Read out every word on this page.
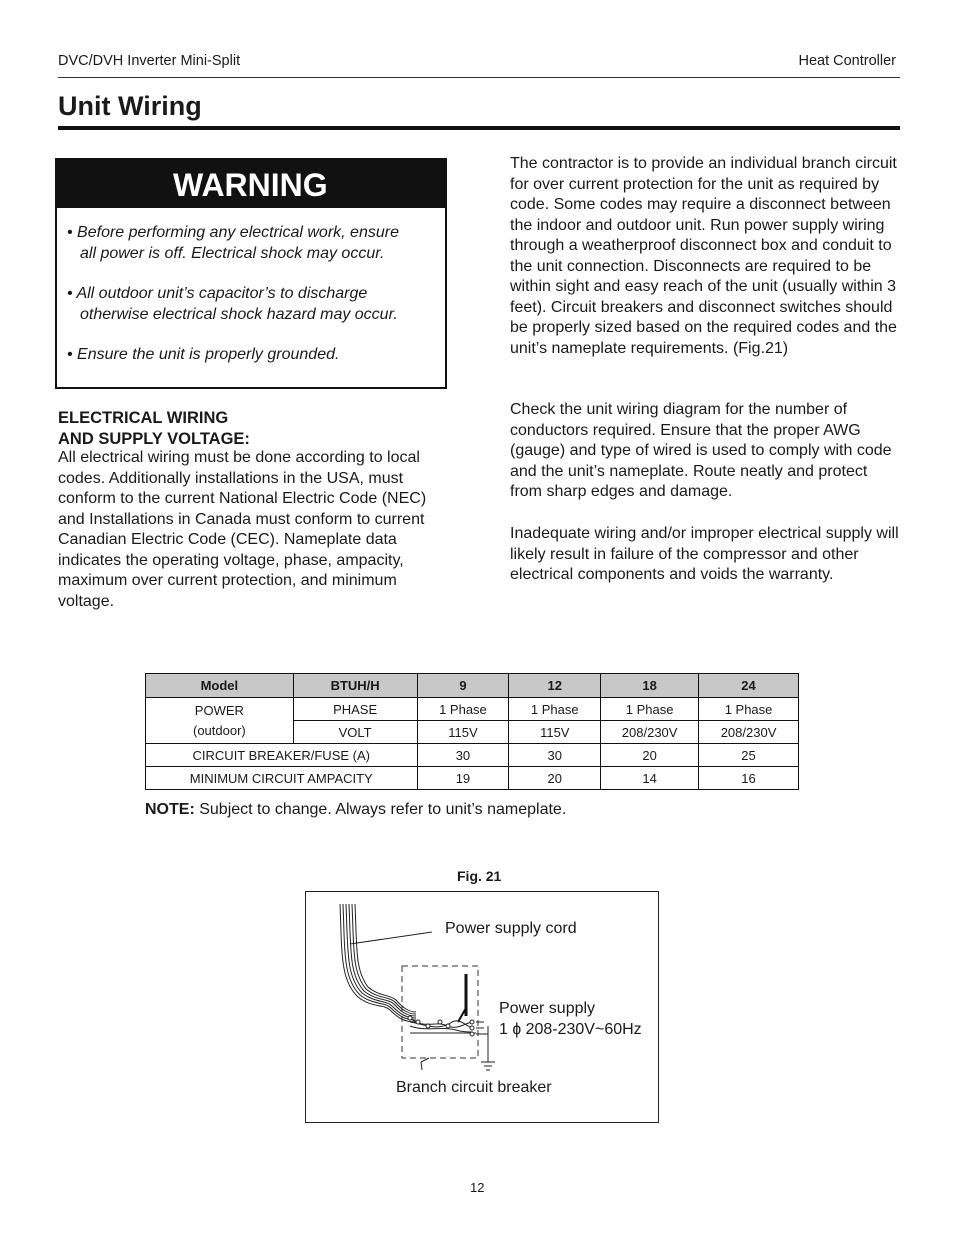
DVC/DVH Inverter Mini-Split	Heat Controller
Unit Wiring
WARNING
• Before performing any electrical work, ensure
all power is off. Electrical shock may occur.
• All outdoor unit’s capacitor’s to discharge
otherwise electrical shock hazard may occur.
• Ensure the unit is properly grounded.
ELECTRICAL WIRING
AND SUPPLY VOLTAGE:
All electrical wiring must be done according to local codes. Additionally installations in the USA, must conform to the current National Electric Code (NEC) and Installations in Canada must conform to current Canadian Electric Code (CEC). Nameplate data indicates the operating voltage, phase, ampacity, maximum over current protection, and minimum voltage.
The contractor is to provide an individual branch circuit for over current protection for the unit as required by code. Some codes may require a disconnect between the indoor and outdoor unit. Run power supply wiring through a weatherproof disconnect box and conduit to the unit connection. Disconnects are required to be within sight and easy reach of the unit (usually within 3 feet). Circuit breakers and disconnect switches should be properly sized based on the required codes and the unit’s nameplate requirements. (Fig.21)
Check the unit wiring diagram for the number of conductors required. Ensure that the proper AWG (gauge) and type of wired is used to comply with code and the unit’s nameplate. Route neatly and protect from sharp edges and damage.
Inadequate wiring and/or improper electrical supply will likely result in failure of the compressor and other electrical components and voids the warranty.
Model	BTUH/H	9	12	18	24

POWER
(outdoor)	PHASE	1 Phase	1 Phase	1 Phase	1 Phase
	VOLT	115V	115V	208/230V	208/230V
CIRCUIT BREAKER/FUSE (A)		30	30	20	25
MINIMUM CIRCUIT AMPACITY		19	20	14	16
NOTE: Subject to change. Always refer to unit’s nameplate.
Fig. 21
Power supply cord
Power supply
1 ɸ 208-230V~60Hz
Branch circuit breaker
12
